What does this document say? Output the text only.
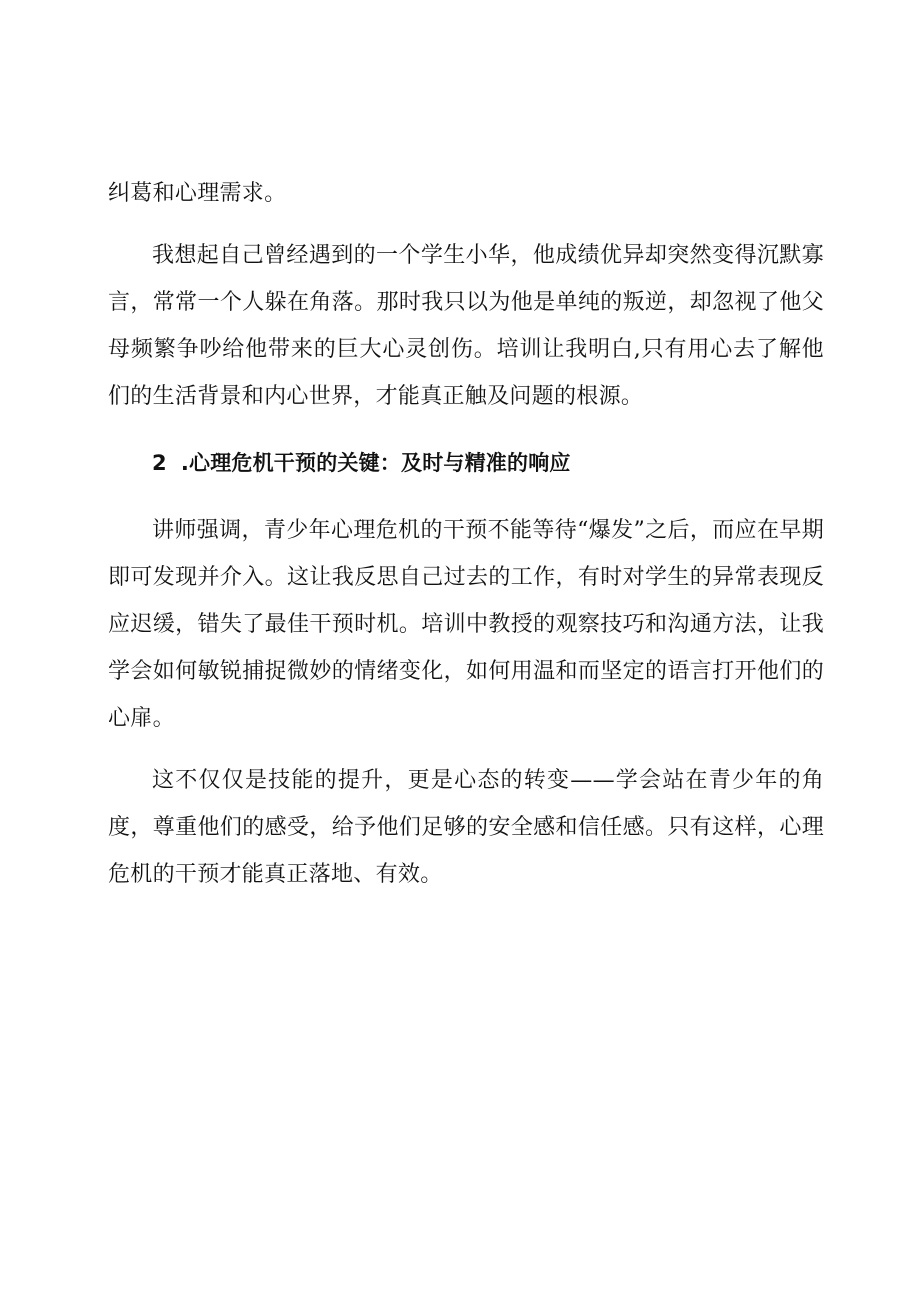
纠葛和心理需求。

我想起自己曾经遇到的一个学生小华，他成绩优异却突然变得沉默寡言，常常一个人躲在角落。那时我只以为他是单纯的叛逆，却忽视了他父母频繁争吵给他带来的巨大心灵创伤。培训让我明白,只有用心去了解他们的生活背景和内心世界，才能真正触及问题的根源。

2 .心理危机干预的关键：及时与精准的响应

讲师强调，青少年心理危机的干预不能等待“爆发”之后，而应在早期即可发现并介入。这让我反思自己过去的工作，有时对学生的异常表现反应迟缓，错失了最佳干预时机。培训中教授的观察技巧和沟通方法，让我学会如何敏锐捕捉微妙的情绪变化，如何用温和而坚定的语言打开他们的心扉。

这不仅仅是技能的提升，更是心态的转变——学会站在青少年的角度，尊重他们的感受，给予他们足够的安全感和信任感。只有这样，心理危机的干预才能真正落地、有效。
